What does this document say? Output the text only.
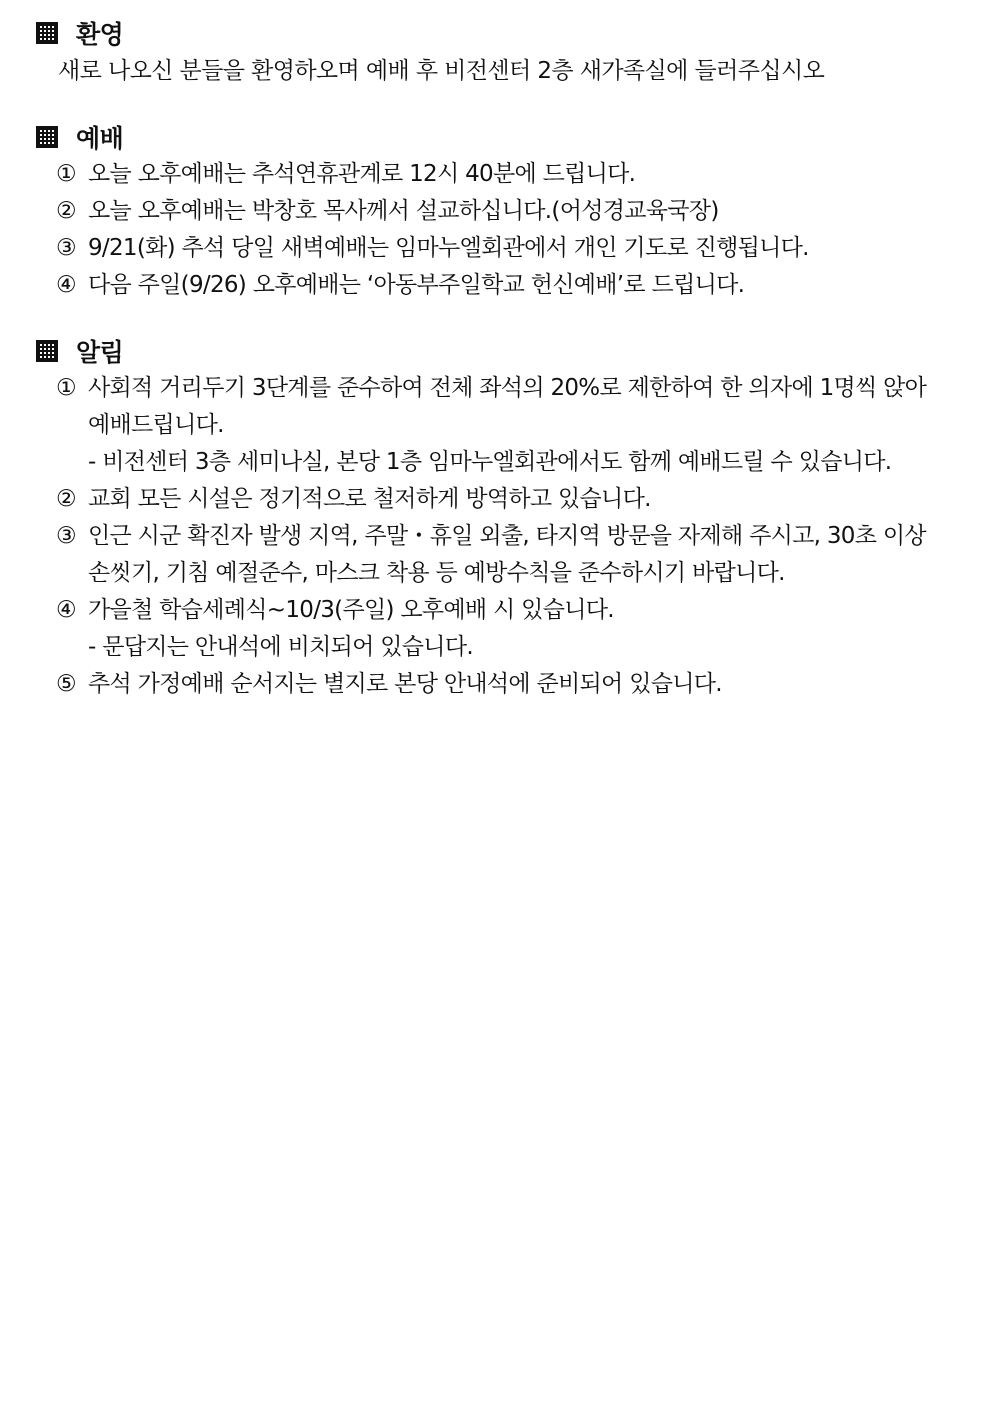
환영
새로 나오신 분들을 환영하오며 예배 후 비전센터 2층 새가족실에 들러주십시오
예배
① 오늘 오후예배는 추석연휴관계로 12시 40분에 드립니다.
② 오늘 오후예배는 박창호 목사께서 설교하십니다.(어성경교육국장)
③ 9/21(화) 추석 당일 새벽예배는 임마누엘회관에서 개인 기도로 진행됩니다.
④ 다음 주일(9/26) 오후예배는 ‘아동부주일학교 헌신예배’로 드립니다.
알림
① 사회적 거리두기 3단계를 준수하여 전체 좌석의 20%로 제한하여 한 의자에 1명씩 앉아
예배드립니다.
- 비전센터 3층 세미나실, 본당 1층 임마누엘회관에서도 함께 예배드릴 수 있습니다.
② 교회 모든 시설은 정기적으로 철저하게 방역하고 있습니다.
③ 인근 시군 확진자 발생 지역, 주말・휴일 외출, 타지역 방문을 자제해 주시고, 30초 이상
손씻기, 기침 예절준수, 마스크 착용 등 예방수칙을 준수하시기 바랍니다.
④ 가을철 학습세례식~10/3(주일) 오후예배 시 있습니다.
- 문답지는 안내석에 비치되어 있습니다.
⑤ 추석 가정예배 순서지는 별지로 본당 안내석에 준비되어 있습니다.
